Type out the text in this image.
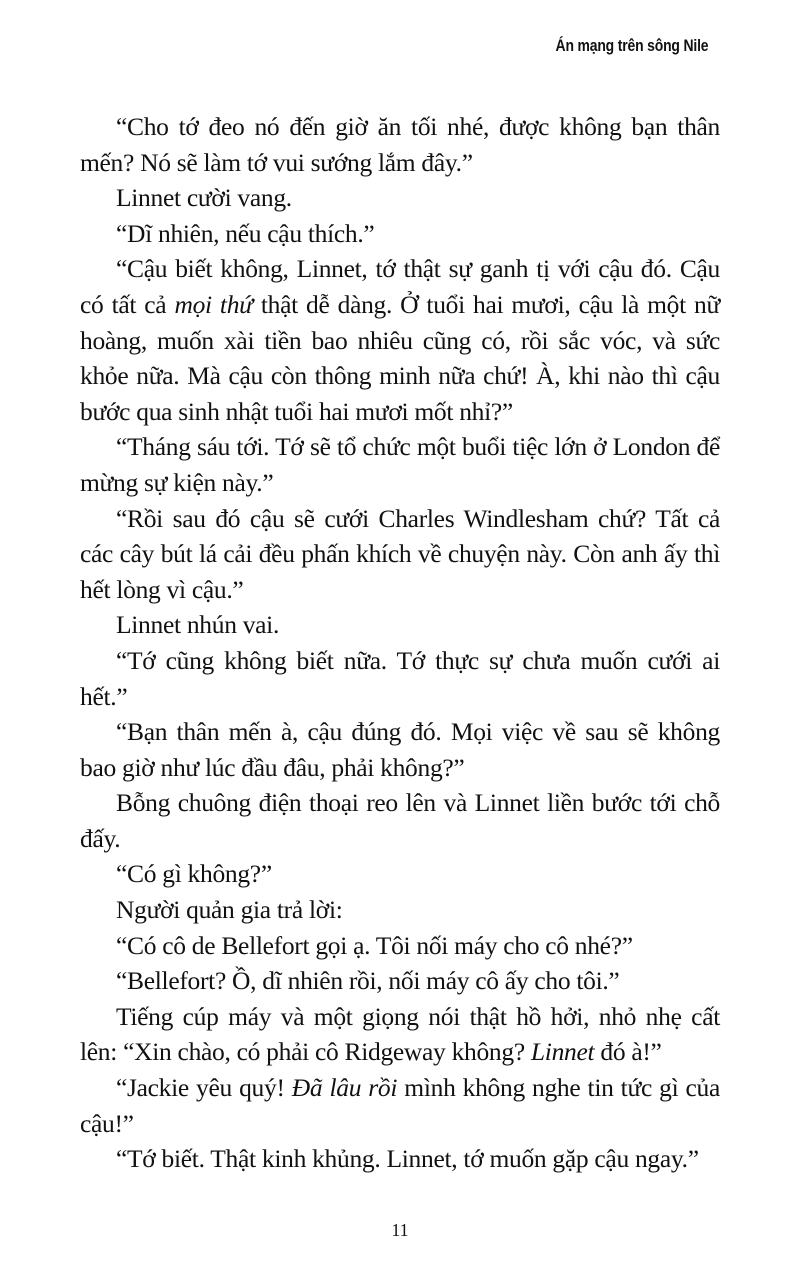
Án mạng trên sông Nile

“Cho tớ đeo nó đến giờ ăn tối nhé, được không bạn thân mến? Nó sẽ làm tớ vui sướng lắm đây.”

Linnet cười vang.

“Dĩ nhiên, nếu cậu thích.”

“Cậu biết không, Linnet, tớ thật sự ganh tị với cậu đó. Cậu có tất cả mọi thứ thật dễ dàng. Ở tuổi hai mươi, cậu là một nữ hoàng, muốn xài tiền bao nhiêu cũng có, rồi sắc vóc, và sức khỏe nữa. Mà cậu còn thông minh nữa chứ! À, khi nào thì cậu bước qua sinh nhật tuổi hai mươi mốt nhỉ?”

“Tháng sáu tới. Tớ sẽ tổ chức một buổi tiệc lớn ở London để mừng sự kiện này.”

“Rồi sau đó cậu sẽ cưới Charles Windlesham chứ? Tất cả các cây bút lá cải đều phấn khích về chuyện này. Còn anh ấy thì hết lòng vì cậu.”

Linnet nhún vai.

“Tớ cũng không biết nữa. Tớ thực sự chưa muốn cưới ai hết.”

“Bạn thân mến à, cậu đúng đó. Mọi việc về sau sẽ không bao giờ như lúc đầu đâu, phải không?”

Bỗng chuông điện thoại reo lên và Linnet liền bước tới chỗ đấy.

“Có gì không?”

Người quản gia trả lời:

“Có cô de Bellefort gọi ạ. Tôi nối máy cho cô nhé?”

“Bellefort? Ồ, dĩ nhiên rồi, nối máy cô ấy cho tôi.”

Tiếng cúp máy và một giọng nói thật hồ hởi, nhỏ nhẹ cất lên: “Xin chào, có phải cô Ridgeway không? Linnet đó à!”

“Jackie yêu quý! Đã lâu rồi mình không nghe tin tức gì của cậu!”

“Tớ biết. Thật kinh khủng. Linnet, tớ muốn gặp cậu ngay.”

11
